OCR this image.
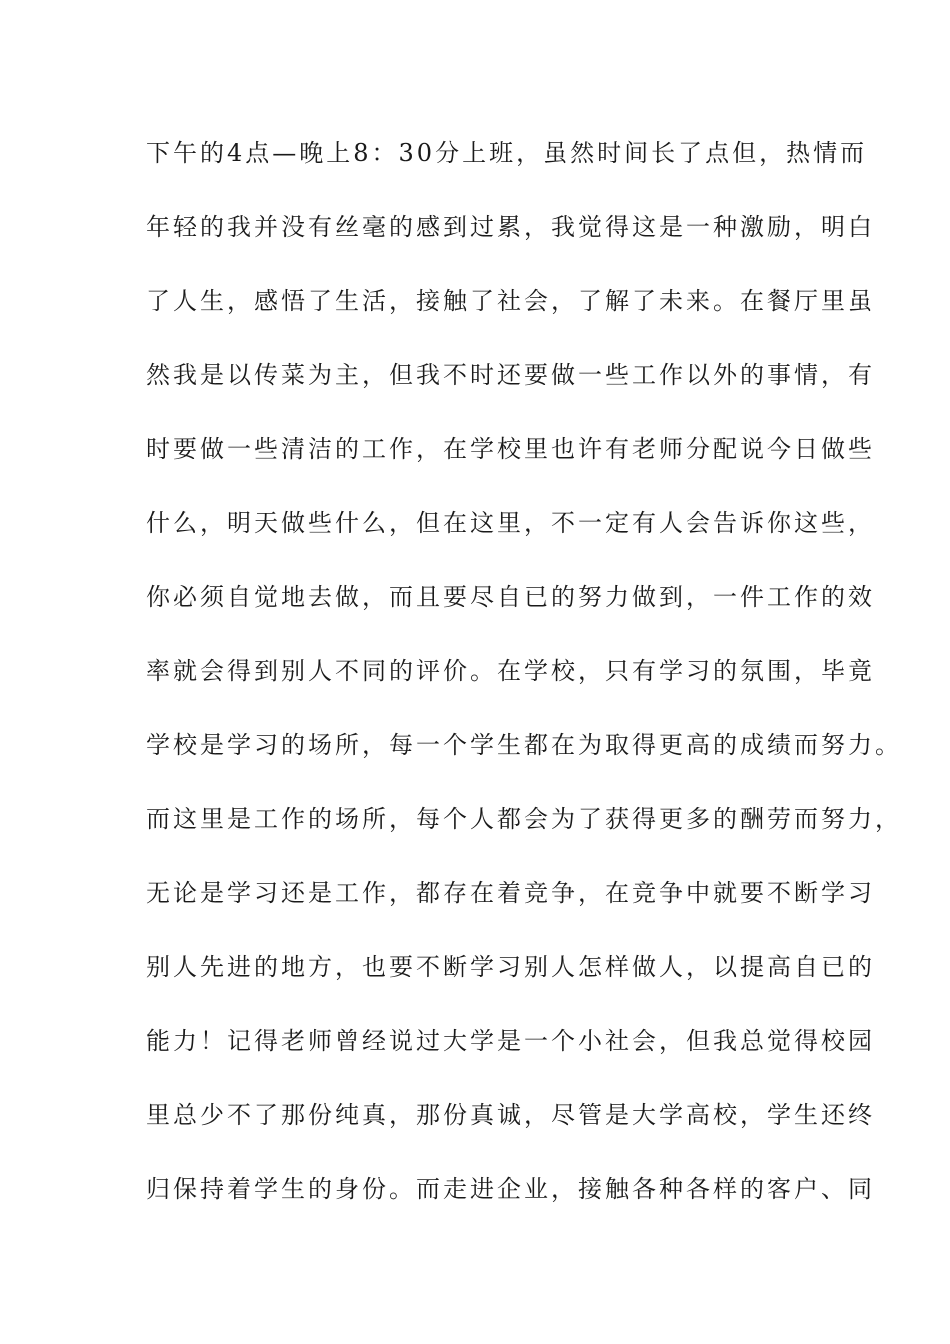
下午的4点—晚上8：30分上班，虽然时间长了点但，热情而
年轻的我并没有丝毫的感到过累，我觉得这是一种激励，明白
了人生，感悟了生活，接触了社会，了解了未来。在餐厅里虽
然我是以传菜为主，但我不时还要做一些工作以外的事情，有
时要做一些清洁的工作，在学校里也许有老师分配说今日做些
什么，明天做些什么，但在这里，不一定有人会告诉你这些，
你必须自觉地去做，而且要尽自已的努力做到，一件工作的效
率就会得到别人不同的评价。在学校，只有学习的氛围，毕竟
学校是学习的场所，每一个学生都在为取得更高的成绩而努力。
而这里是工作的场所，每个人都会为了获得更多的酬劳而努力，
无论是学习还是工作，都存在着竞争，在竞争中就要不断学习
别人先进的地方，也要不断学习别人怎样做人，以提高自已的
能力！记得老师曾经说过大学是一个小社会，但我总觉得校园
里总少不了那份纯真，那份真诚，尽管是大学高校，学生还终
归保持着学生的身份。而走进企业，接触各种各样的客户、同
